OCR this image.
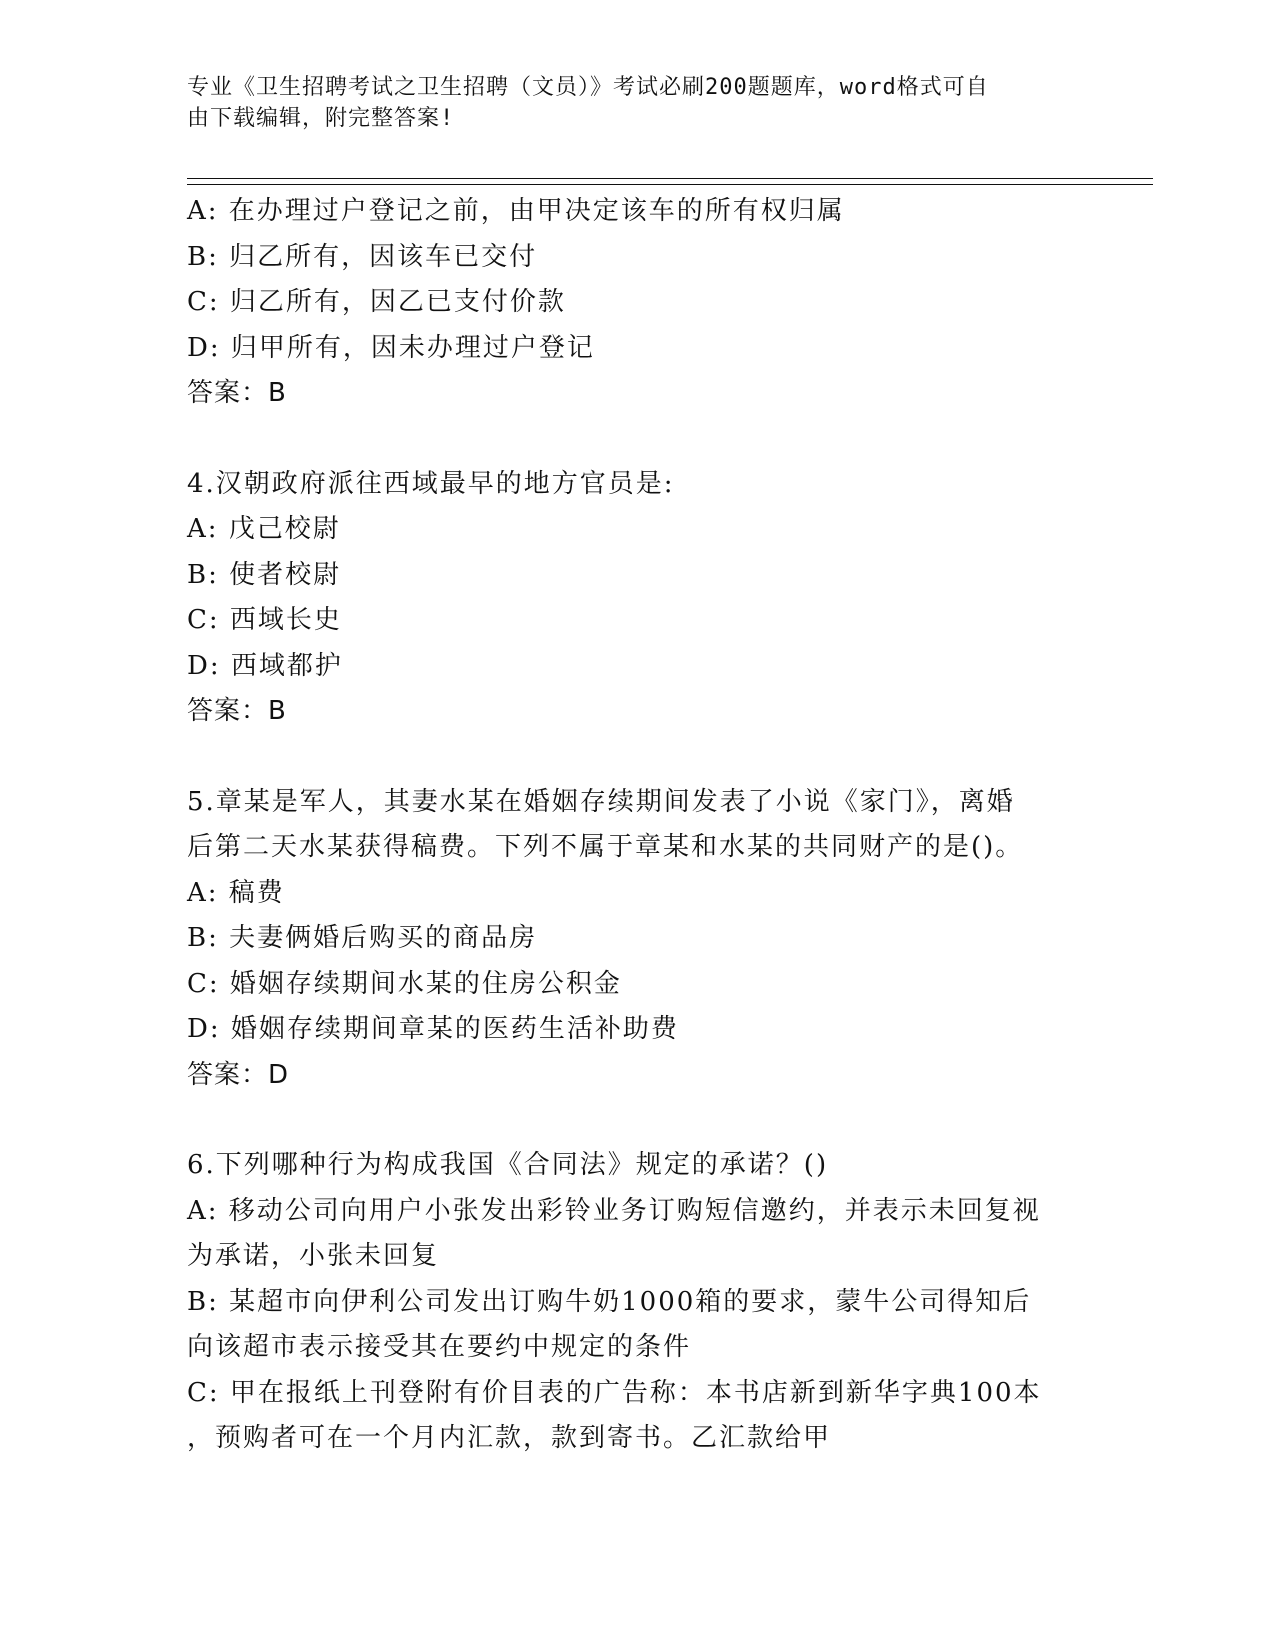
专业《卫生招聘考试之卫生招聘（文员）》考试必刷200题题库，word格式可自
由下载编辑，附完整答案!
A: 在办理过户登记之前，由甲决定该车的所有权归属
B: 归乙所有，因该车已交付
C: 归乙所有，因乙已支付价款
D: 归甲所有，因未办理过户登记
答案：B
4.汉朝政府派往西域最早的地方官员是:
A: 戊己校尉
B: 使者校尉
C: 西域长史
D: 西域都护
答案：B
5.章某是军人，其妻水某在婚姻存续期间发表了小说《家门》，离婚
后第二天水某获得稿费。下列不属于章某和水某的共同财产的是()。
A: 稿费
B: 夫妻俩婚后购买的商品房
C: 婚姻存续期间水某的住房公积金
D: 婚姻存续期间章某的医药生活补助费
答案：D
6.下列哪种行为构成我国《合同法》规定的承诺？()
A: 移动公司向用户小张发出彩铃业务订购短信邀约，并表示未回复视
为承诺，小张未回复
B: 某超市向伊利公司发出订购牛奶1000箱的要求，蒙牛公司得知后
向该超市表示接受其在要约中规定的条件
C: 甲在报纸上刊登附有价目表的广告称：本书店新到新华字典100本
，预购者可在一个月内汇款，款到寄书。乙汇款给甲
